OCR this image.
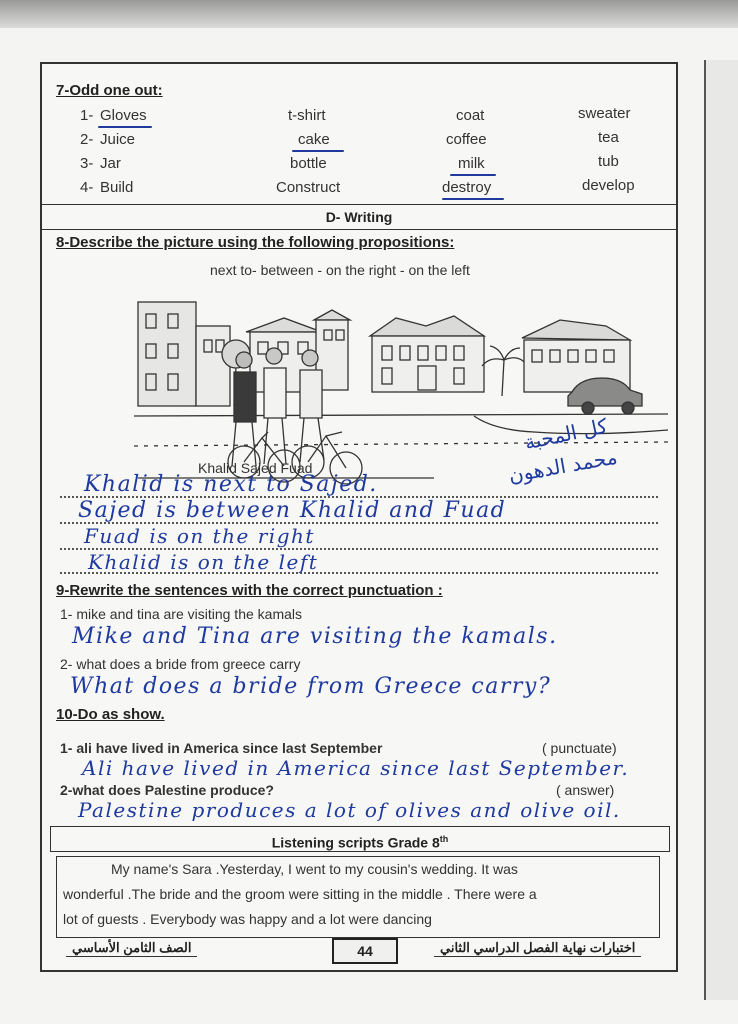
7-Odd one out:
1- Gloves	t-shirt	coat	sweater
2- Juice	cake	coffee	tea
3- Jar	bottle	milk	tub
4- Build	Construct	destroy	develop
D- Writing
8-Describe the picture using the following propositions:
next to- between - on the right - on the left
Khalid Sajed Fuad
كل المحبة
محمد الدهون
Khalid is next to Sajed.
Sajed is between Khalid and Fuad
Fuad is on the right
Khalid is on the left
9-Rewrite the sentences with the correct punctuation :
1- mike and tina are visiting the kamals
Mike and Tina are visiting the kamals.
2- what does a bride from greece carry
What does a bride from Greece carry?
10-Do as show.
1- ali have lived in America since last September	( punctuate)
Ali have lived in America since last September.
2-what does Palestine produce?	( answer)
Palestine produces a lot of olives and olive oil.
Listening scripts Grade 8th
My name's Sara .Yesterday, I went to my cousin's wedding. It was
wonderful .The bride and the groom were sitting in the middle . There were a
lot of guests . Everybody was happy and a lot were dancing
الصف الثامن الأساسي	44	اختبارات نهاية الفصل الدراسي الثاني
